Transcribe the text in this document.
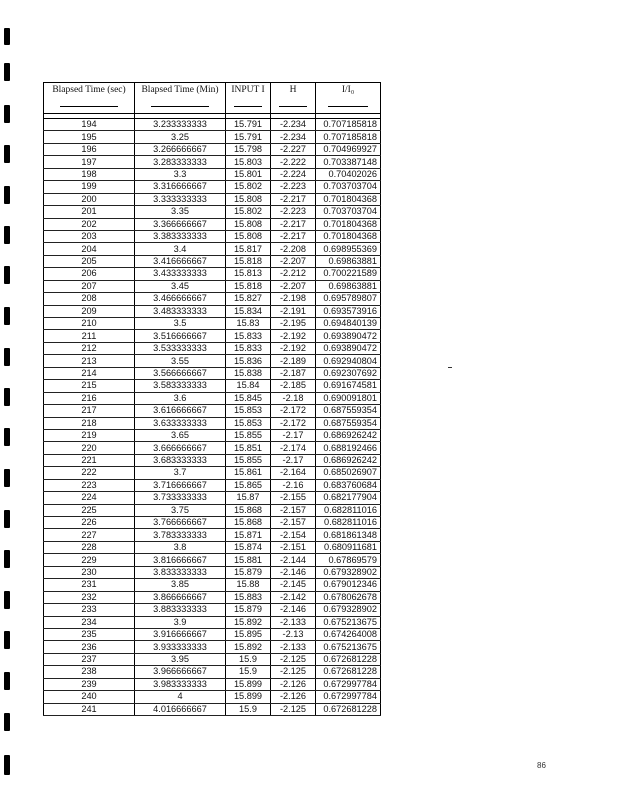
Blapsed Time (sec)	Blapsed Time (Min)	INPUT I	H	I/I₀

194	3.233333333	15.791	-2.234	0.707185818
195	3.25	15.791	-2.234	0.707185818
196	3.266666667	15.798	-2.227	0.704969927
197	3.283333333	15.803	-2.222	0.703387148
198	3.3	15.801	-2.224	0.70402026
199	3.316666667	15.802	-2.223	0.703703704
200	3.333333333	15.808	-2.217	0.701804368
201	3.35	15.802	-2.223	0.703703704
202	3.366666667	15.808	-2.217	0.701804368
203	3.383333333	15.808	-2.217	0.701804368
204	3.4	15.817	-2.208	0.698955369
205	3.416666667	15.818	-2.207	0.69863881
206	3.433333333	15.813	-2.212	0.700221589
207	3.45	15.818	-2.207	0.69863881
208	3.466666667	15.827	-2.198	0.695789807
209	3.483333333	15.834	-2.191	0.693573916
210	3.5	15.83	-2.195	0.694840139
211	3.516666667	15.833	-2.192	0.693890472
212	3.533333333	15.833	-2.192	0.693890472
213	3.55	15.836	-2.189	0.692940804
214	3.566666667	15.838	-2.187	0.692307692
215	3.583333333	15.84	-2.185	0.691674581
216	3.6	15.845	-2.18	0.690091801
217	3.616666667	15.853	-2.172	0.687559354
218	3.633333333	15.853	-2.172	0.687559354
219	3.65	15.855	-2.17	0.686926242
220	3.666666667	15.851	-2.174	0.688192466
221	3.683333333	15.855	-2.17	0.686926242
222	3.7	15.861	-2.164	0.685026907
223	3.716666667	15.865	-2.16	0.683760684
224	3.733333333	15.87	-2.155	0.682177904
225	3.75	15.868	-2.157	0.682811016
226	3.766666667	15.868	-2.157	0.682811016
227	3.783333333	15.871	-2.154	0.681861348
228	3.8	15.874	-2.151	0.680911681
229	3.816666667	15.881	-2.144	0.67869579
230	3.833333333	15.879	-2.146	0.679328902
231	3.85	15.88	-2.145	0.679012346
232	3.866666667	15.883	-2.142	0.678062678
233	3.883333333	15.879	-2.146	0.679328902
234	3.9	15.892	-2.133	0.675213675
235	3.916666667	15.895	-2.13	0.674264008
236	3.933333333	15.892	-2.133	0.675213675
237	3.95	15.9	-2.125	0.672681228
238	3.966666667	15.9	-2.125	0.672681228
239	3.983333333	15.899	-2.126	0.672997784
240	4	15.899	-2.126	0.672997784
241	4.016666667	15.9	-2.125	0.672681228
86
